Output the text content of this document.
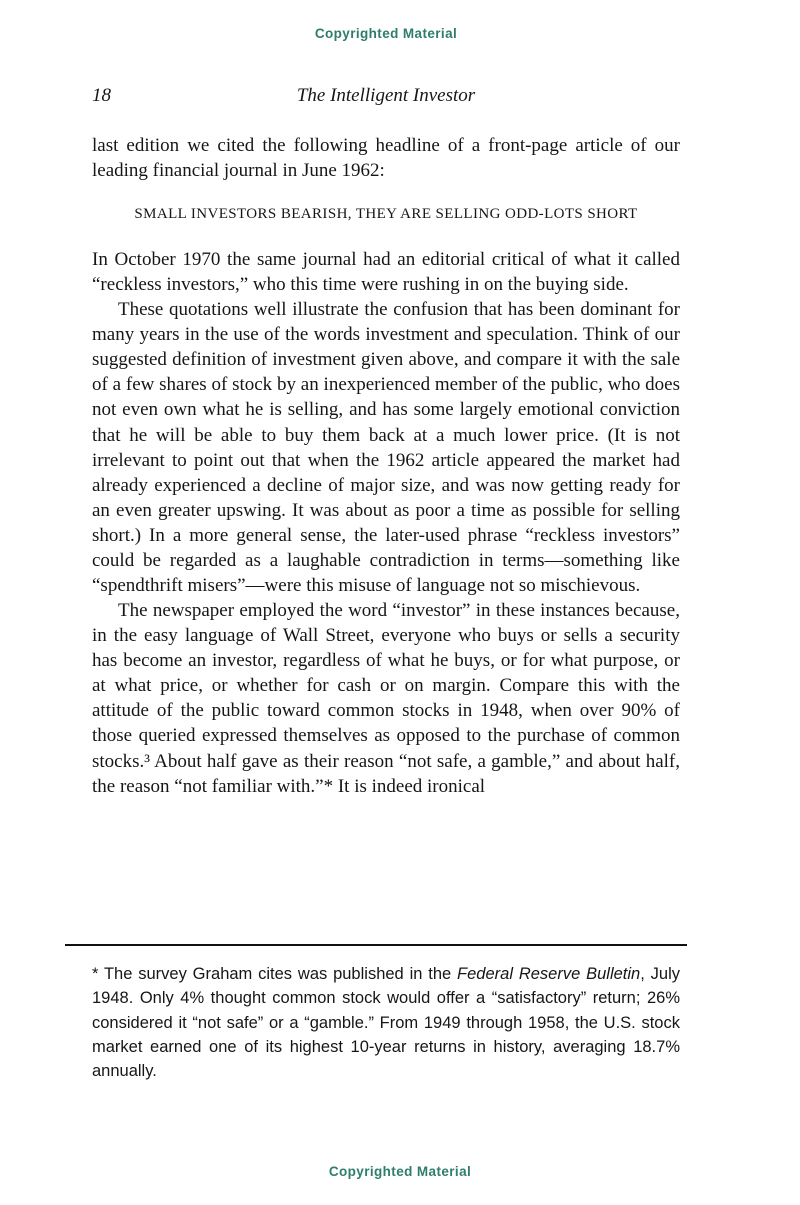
Copyrighted Material
18	The Intelligent Investor

last edition we cited the following headline of a front-page article of our leading financial journal in June 1962:

SMALL INVESTORS BEARISH, THEY ARE SELLING ODD-LOTS SHORT

In October 1970 the same journal had an editorial critical of what it called “reckless investors,” who this time were rushing in on the buying side.

These quotations well illustrate the confusion that has been dominant for many years in the use of the words investment and speculation. Think of our suggested definition of investment given above, and compare it with the sale of a few shares of stock by an inexperienced member of the public, who does not even own what he is selling, and has some largely emotional conviction that he will be able to buy them back at a much lower price. (It is not irrelevant to point out that when the 1962 article appeared the market had already experienced a decline of major size, and was now getting ready for an even greater upswing. It was about as poor a time as possible for selling short.) In a more general sense, the later-used phrase “reckless investors” could be regarded as a laughable contradiction in terms—something like “spendthrift misers”—were this misuse of language not so mischievous.

The newspaper employed the word “investor” in these instances because, in the easy language of Wall Street, everyone who buys or sells a security has become an investor, regardless of what he buys, or for what purpose, or at what price, or whether for cash or on margin. Compare this with the attitude of the public toward common stocks in 1948, when over 90% of those queried expressed themselves as opposed to the purchase of common stocks.³ About half gave as their reason “not safe, a gamble,” and about half, the reason “not familiar with.”* It is indeed ironical

* The survey Graham cites was published in the Federal Reserve Bulletin, July 1948. Only 4% thought common stock would offer a “satisfactory” return; 26% considered it “not safe” or a “gamble.” From 1949 through 1958, the U.S. stock market earned one of its highest 10-year returns in history, averaging 18.7% annually.

Copyrighted Material
